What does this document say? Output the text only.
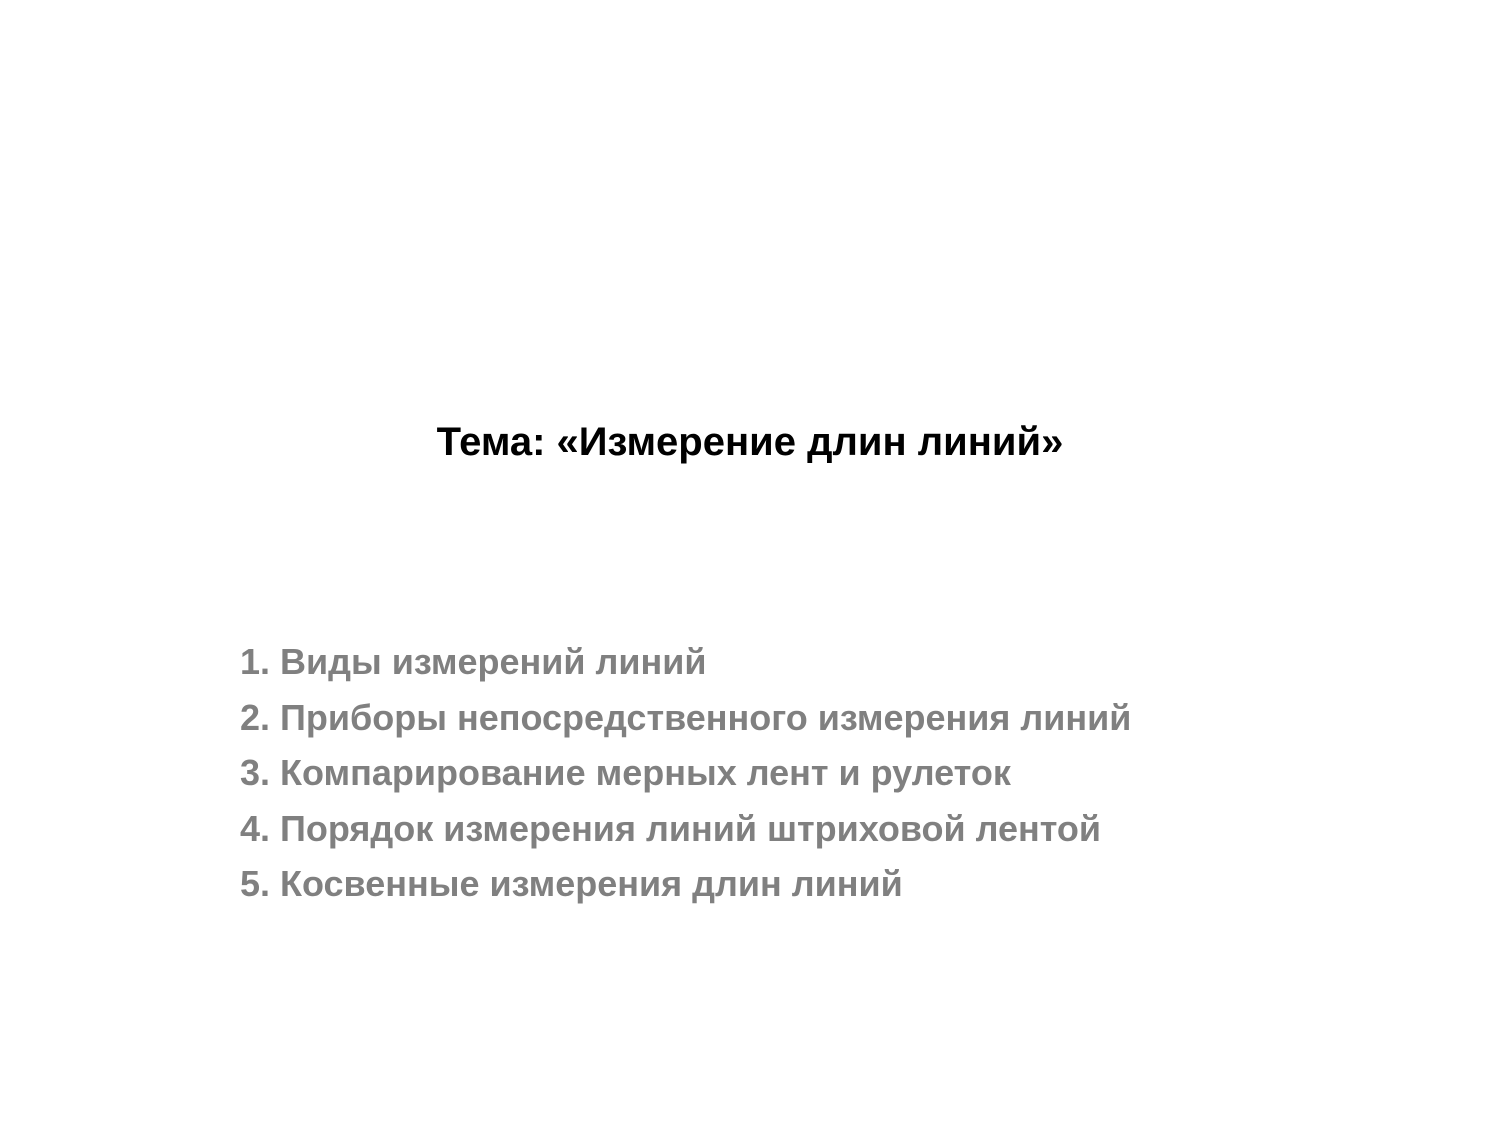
Тема: «Измерение длин линий»
1. Виды измерений линий
2. Приборы непосредственного измерения линий
3. Компарирование мерных лент и рулеток
4. Порядок измерения линий штриховой лентой
5. Косвенные измерения длин линий
